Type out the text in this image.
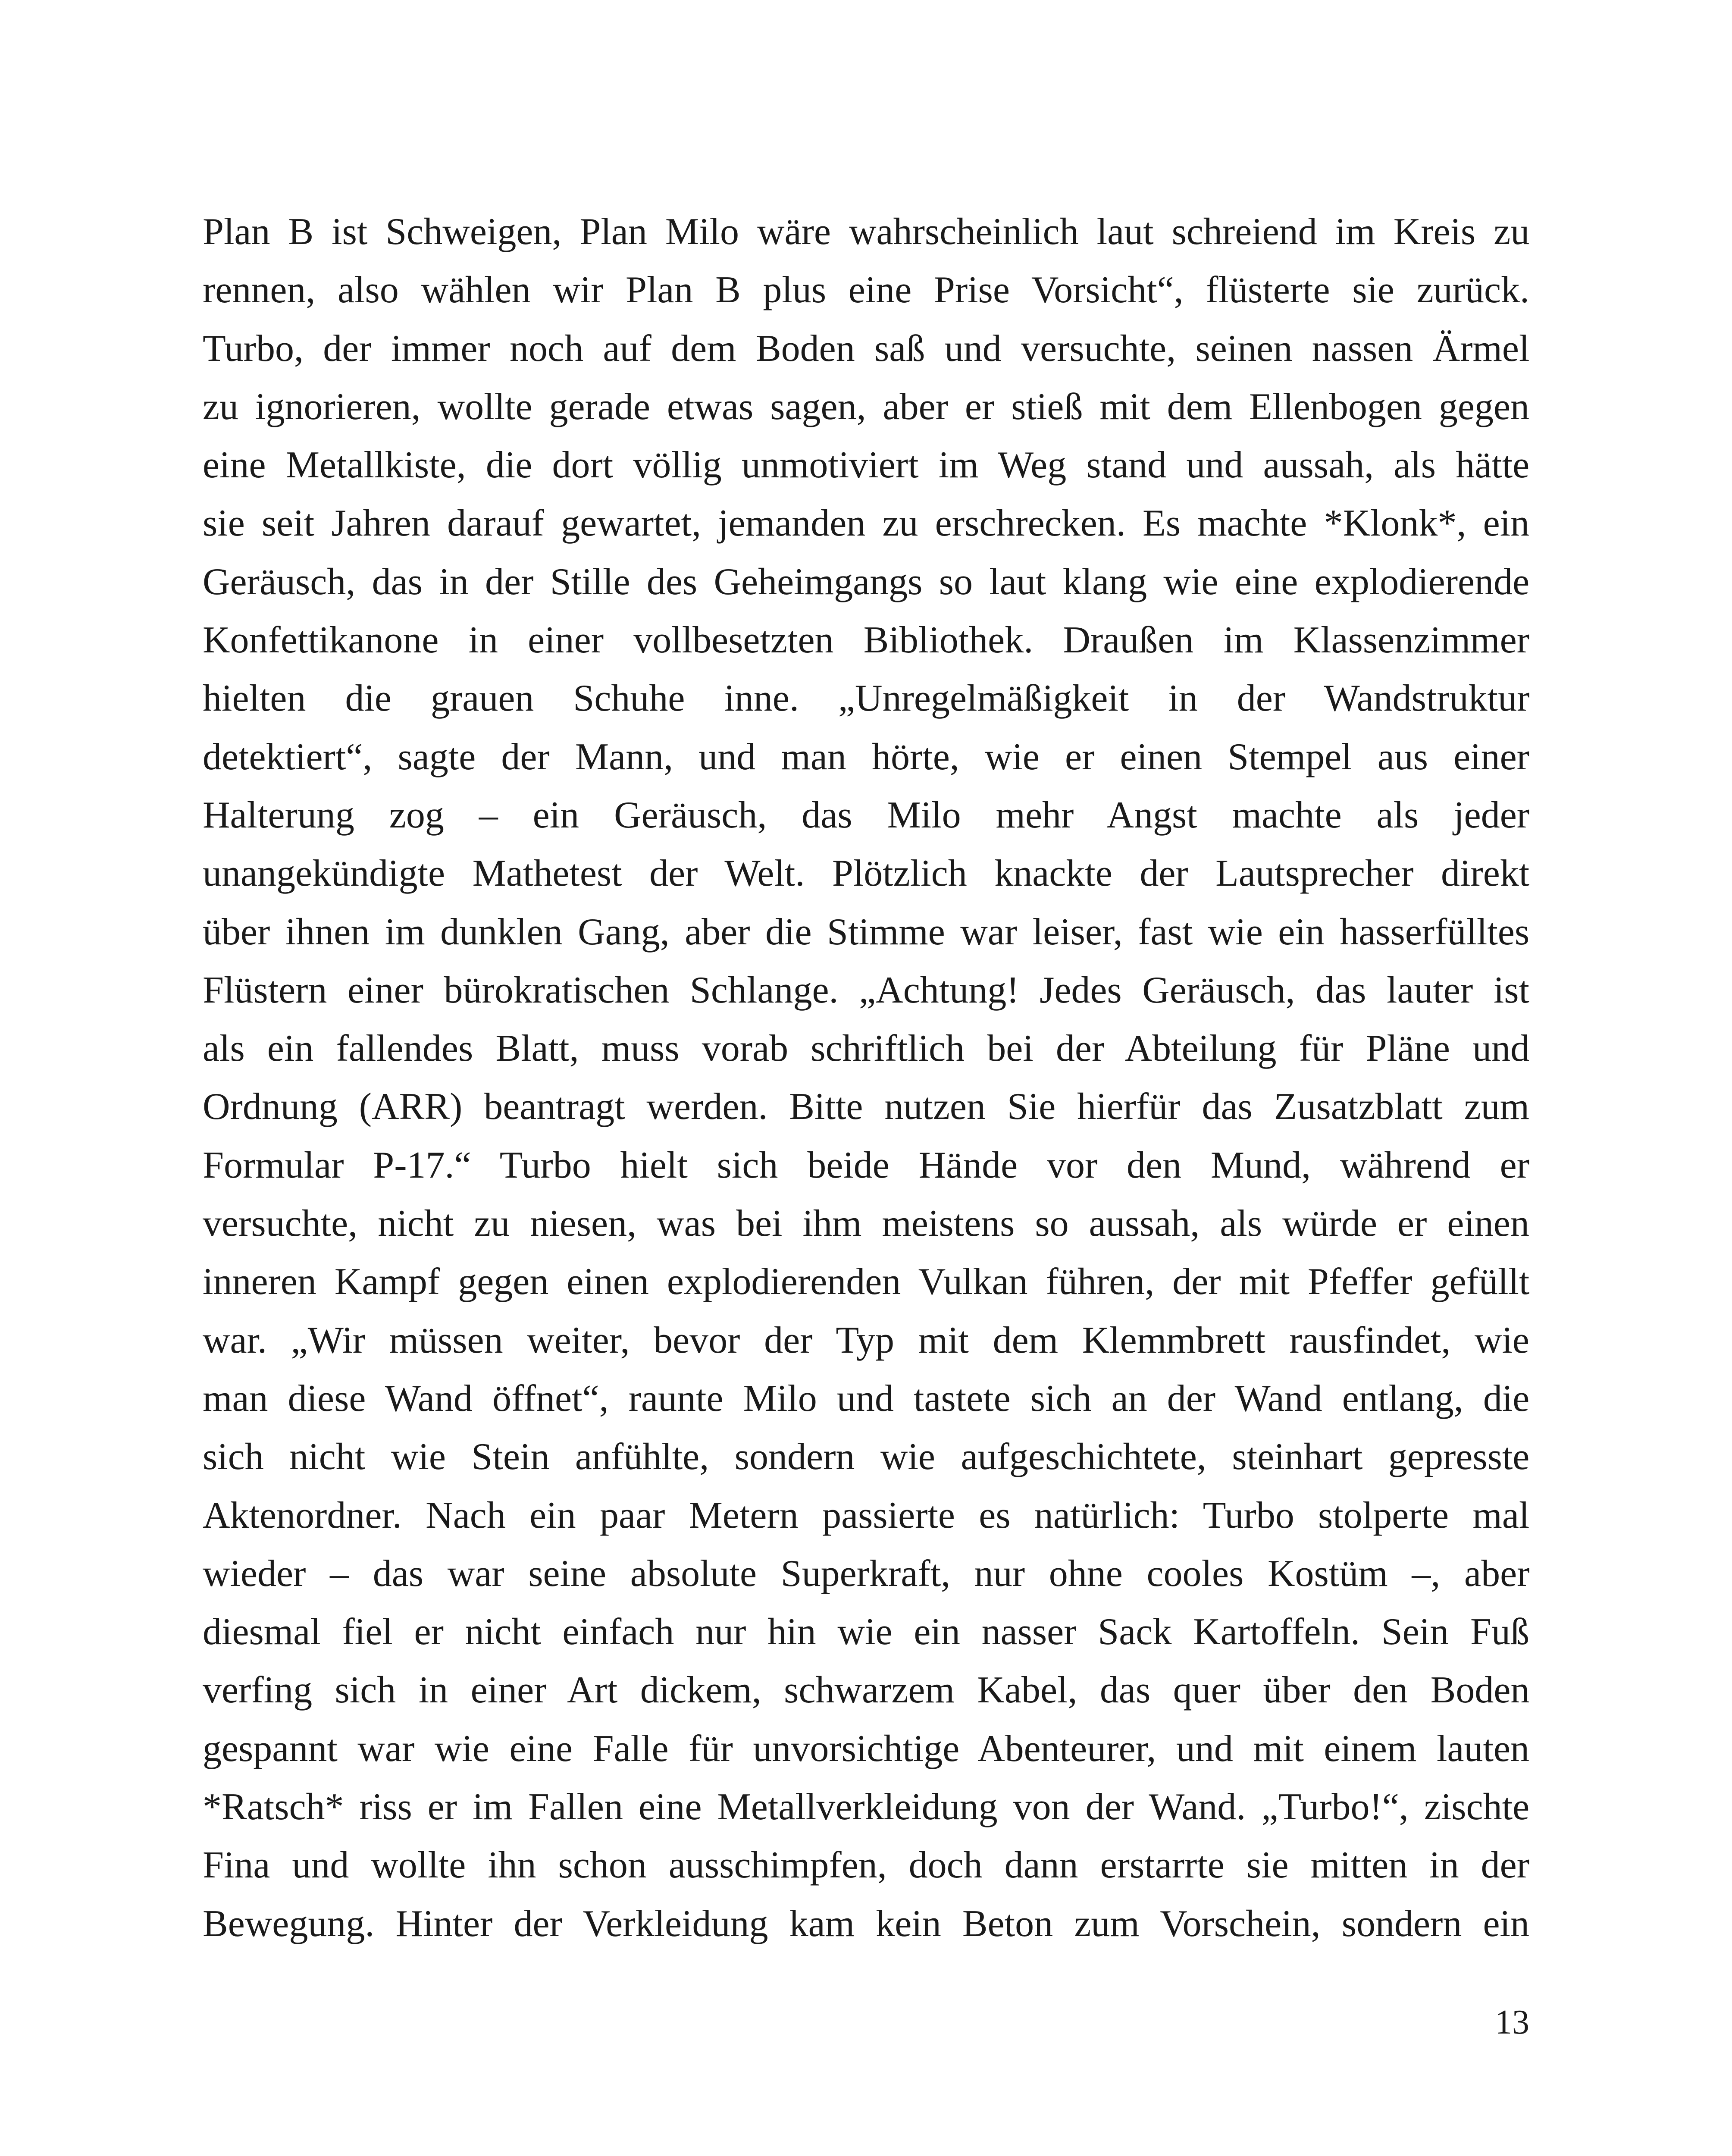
Plan B ist Schweigen, Plan Milo wäre wahrscheinlich laut schreiend im Kreis zu
rennen, also wählen wir Plan B plus eine Prise Vorsicht“, flüsterte sie zurück.
Turbo, der immer noch auf dem Boden saß und versuchte, seinen nassen Ärmel
zu ignorieren, wollte gerade etwas sagen, aber er stieß mit dem Ellenbogen gegen
eine Metallkiste, die dort völlig unmotiviert im Weg stand und aussah, als hätte
sie seit Jahren darauf gewartet, jemanden zu erschrecken. Es machte *Klonk*, ein
Geräusch, das in der Stille des Geheimgangs so laut klang wie eine explodierende
Konfettikanone in einer vollbesetzten Bibliothek. Draußen im Klassenzimmer
hielten die grauen Schuhe inne. „Unregelmäßigkeit in der Wandstruktur
detektiert“, sagte der Mann, und man hörte, wie er einen Stempel aus einer
Halterung zog – ein Geräusch, das Milo mehr Angst machte als jeder
unangekündigte Mathetest der Welt. Plötzlich knackte der Lautsprecher direkt
über ihnen im dunklen Gang, aber die Stimme war leiser, fast wie ein hasserfülltes
Flüstern einer bürokratischen Schlange. „Achtung! Jedes Geräusch, das lauter ist
als ein fallendes Blatt, muss vorab schriftlich bei der Abteilung für Pläne und
Ordnung (ARR) beantragt werden. Bitte nutzen Sie hierfür das Zusatzblatt zum
Formular P-17.“ Turbo hielt sich beide Hände vor den Mund, während er
versuchte, nicht zu niesen, was bei ihm meistens so aussah, als würde er einen
inneren Kampf gegen einen explodierenden Vulkan führen, der mit Pfeffer gefüllt
war. „Wir müssen weiter, bevor der Typ mit dem Klemmbrett rausfindet, wie
man diese Wand öffnet“, raunte Milo und tastete sich an der Wand entlang, die
sich nicht wie Stein anfühlte, sondern wie aufgeschichtete, steinhart gepresste
Aktenordner. Nach ein paar Metern passierte es natürlich: Turbo stolperte mal
wieder – das war seine absolute Superkraft, nur ohne cooles Kostüm –, aber
diesmal fiel er nicht einfach nur hin wie ein nasser Sack Kartoffeln. Sein Fuß
verfing sich in einer Art dickem, schwarzem Kabel, das quer über den Boden
gespannt war wie eine Falle für unvorsichtige Abenteurer, und mit einem lauten
*Ratsch* riss er im Fallen eine Metallverkleidung von der Wand. „Turbo!“, zischte
Fina und wollte ihn schon ausschimpfen, doch dann erstarrte sie mitten in der
Bewegung. Hinter der Verkleidung kam kein Beton zum Vorschein, sondern ein
13
